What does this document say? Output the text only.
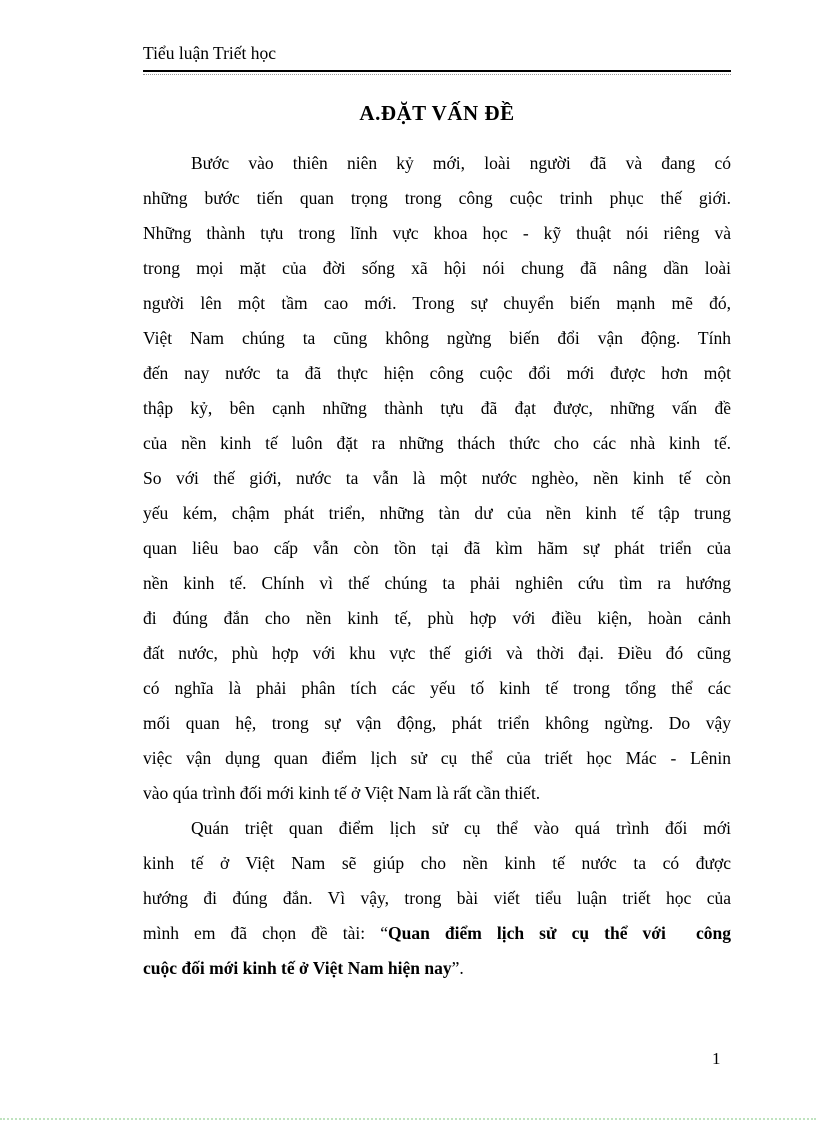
Tiểu luận Triết học
A.ĐẶT VẤN ĐỀ
Bước vào thiên niên kỷ mới, loài người đã và đang có
những bước tiến quan trọng trong công cuộc trinh phục thế giới.
Những thành tựu trong lĩnh vực khoa học - kỹ thuật nói riêng và
trong mọi mặt của đời sống xã hội nói chung đã nâng dần loài
người lên một tầm cao mới. Trong sự chuyển biến mạnh mẽ đó,
Việt Nam chúng ta cũng không ngừng biến đổi vận động. Tính
đến nay nước ta đã thực hiện công cuộc đổi mới được hơn một
thập kỷ, bên cạnh những thành tựu đã đạt được, những vấn đề
của nền kinh tế luôn đặt ra những thách thức cho các nhà kinh tế.
So với thế giới, nước ta vẫn là một nước nghèo, nền kinh tế còn
yếu kém, chậm phát triển, những tàn dư của nền kinh tế tập trung
quan liêu bao cấp vẫn còn tồn tại đã kìm hãm sự phát triển của
nền kinh tế. Chính vì thế chúng ta phải nghiên cứu tìm ra hướng
đi đúng đắn cho nền kinh tế, phù hợp với điều kiện, hoàn cảnh
đất nước, phù hợp với khu vực thế giới và thời đại. Điều đó cũng
có nghĩa là phải phân tích các yếu tố kinh tế trong tổng thể các
mối quan hệ, trong sự vận động, phát triển không ngừng. Do vậy
việc vận dụng quan điểm lịch sử cụ thể của triết học Mác - Lênin
vào qúa trình đối mới kinh tế ở Việt Nam là rất cần thiết.
Quán triệt quan điểm lịch sử cụ thể vào quá trình đối mới
kinh tế ở Việt Nam sẽ giúp cho nền kinh tế nước ta có được
hướng đi đúng đắn. Vì vậy, trong bài viết tiểu luận triết học của
mình em đã chọn đề tài: “Quan điểm lịch sử cụ thể với  công
cuộc đối mới kinh tế ở Việt Nam hiện nay”.
1
